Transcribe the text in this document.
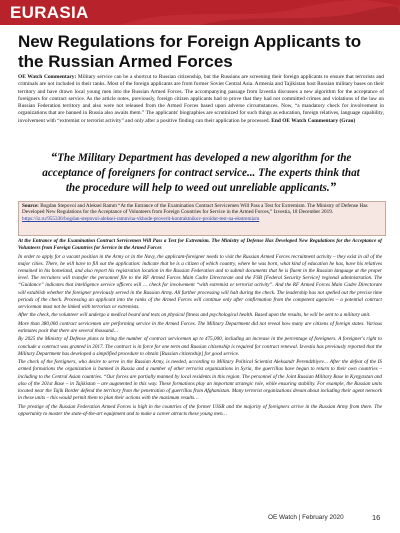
EURASIA
New Regulations for Foreign Applicants to the Russian Armed Forces
OE Watch Commentary: Military service can be a shortcut to Russian citizenship, but the Russians are screening their foreign applicants to ensure that terrorists and criminals are not included in their ranks. Most of the foreign applicants are from former Soviet Central Asia. Armenia and Tajikistan host Russian military bases on their territory and have drawn local young men into the Russian Armed Forces. The accompanying passage from Izvestia discusses a new algorithm for the acceptance of foreigners for contract service. As the article notes, previously, foreign citizen applicants had to prove that they had not committed crimes and violations of the law on Russian Federation territory and also were not released from the Armed Forces based upon adverse circumstances. Now, “a mandatory check for involvement in organizations that are banned in Russia also awaits them.” The applicants' biographies are scrutinized for such things as education, foreign relatives, language capability, involvement with “extremist or terrorist activity” and only after a positive finding can their application be processed. End OE Watch Commentary (Grau)
“The Military Department has developed a new algorithm for the acceptance of foreigners for contract service... The experts think that the procedure will help to weed out unreliable applicants.”
Source: Bogdan Stepovoi and Aleksei Ramm “At the Entrance of the Examination Contract Servicemen Will Pass a Test for Extremism. The Ministry of Defense Has Developed New Regulations for the Acceptance of Volunteers from Foreign Countries for Service in the Armed Forces,” Izvestia, 18 December 2019. https://iz.ru/955336/bogdan-stepovoi-aleksei-ramm/na-vkhode-proverit-kontraktnikov-proidut-test-na-ekstremizm

At the Entrance of the Examination Contract Servicemen Will Pass a Test for Extremism. The Ministry of Defense Has Developed New Regulations for the Acceptance of Volunteers from Foreign Countries for Service in the Armed Forces

In order to apply for a vacant position in the Army or in the Navy, the applicant-foreigner needs to visit the Russian Armed Forces recruitment activity – they exist in all of the major cities. There, he will have to fill out the application: indicate that he is a citizen of which country, where he was born, what kind of education he has, have his relatives remained in his homeland, and also report his registration location in the Russian Federation and to submit documents that he is fluent in the Russian language at the proper level. The recruiters will transfer the personnel file to the RF Armed Forces Main Cadre Directorate and the FSB [Federal Security Service] regional administration. The “Guidance” indicates that intelligence service officers will … check for involvement “with extremist or terrorist activity”. And the RF Armed Forces Main Cadre Directorate will establish whether the foreigner previously served in the Russian Army. All further processing will halt during the check. The leadership has not spelled out the precise time periods of the check. Processing an applicant into the ranks of the Armed Forces will continue only after confirmation from the competent agencies – a potential contract serviceman must not be linked with terrorists or extremists.

After the check, the volunteer will undergo a medical board and tests on physical fitness and psychological health. Based upon the results, he will be sent to a military unit.

More than 380,000 contract servicemen are performing service in the Armed Forces. The Military Department did not reveal how many are citizens of foreign states. Various estimates posit that there are several thousand…

By 2025 the Ministry of Defense plans to bring the number of contract servicemen up to 475,000, including an increase in the percentage of foreigners. A foreigner's right to conclude a contract was granted in 2017. The contract is in force for one term and Russian citizenship is required for contract renewal. Izvestia has previously reported that the Military Department has developed a simplified procedure to obtain [Russian citizenship] for good service.

The check of the foreigners, who desire to serve in the Russian Army, is needed, according to Military Political Scientist Aleksandr Perendzhiyev… After the defeat of the IS armed formations the organization is banned in Russia and a number of other terrorist organizations in Syria, the guerrillas have begun to return to their own countries – including to the Central Asian countries. “Our forces are partially manned by local residents in this region. The personnel of the Joint Russian Military Base in Kyrgyzstan and also of the 201st Base – in Tajikistan – are augmented in this way. These formations play an important strategic role, while ensuring stability. For example, the Russian units located near the Tajik Border defend the territory from the penetration of guerrillas from Afghanistan. Many terrorist organizations dream about including their agent network in these units – this would permit them to plan their actions with the maximum results…

The prestige of the Russian Federation Armed Forces is high in the countries of the former USSR and the majority of foreigners arrive in the Russian Army from there. The opportunity to master the state-of-the-art equipment and to make a career attracts these young men…

OE Watch | February 2020	16
